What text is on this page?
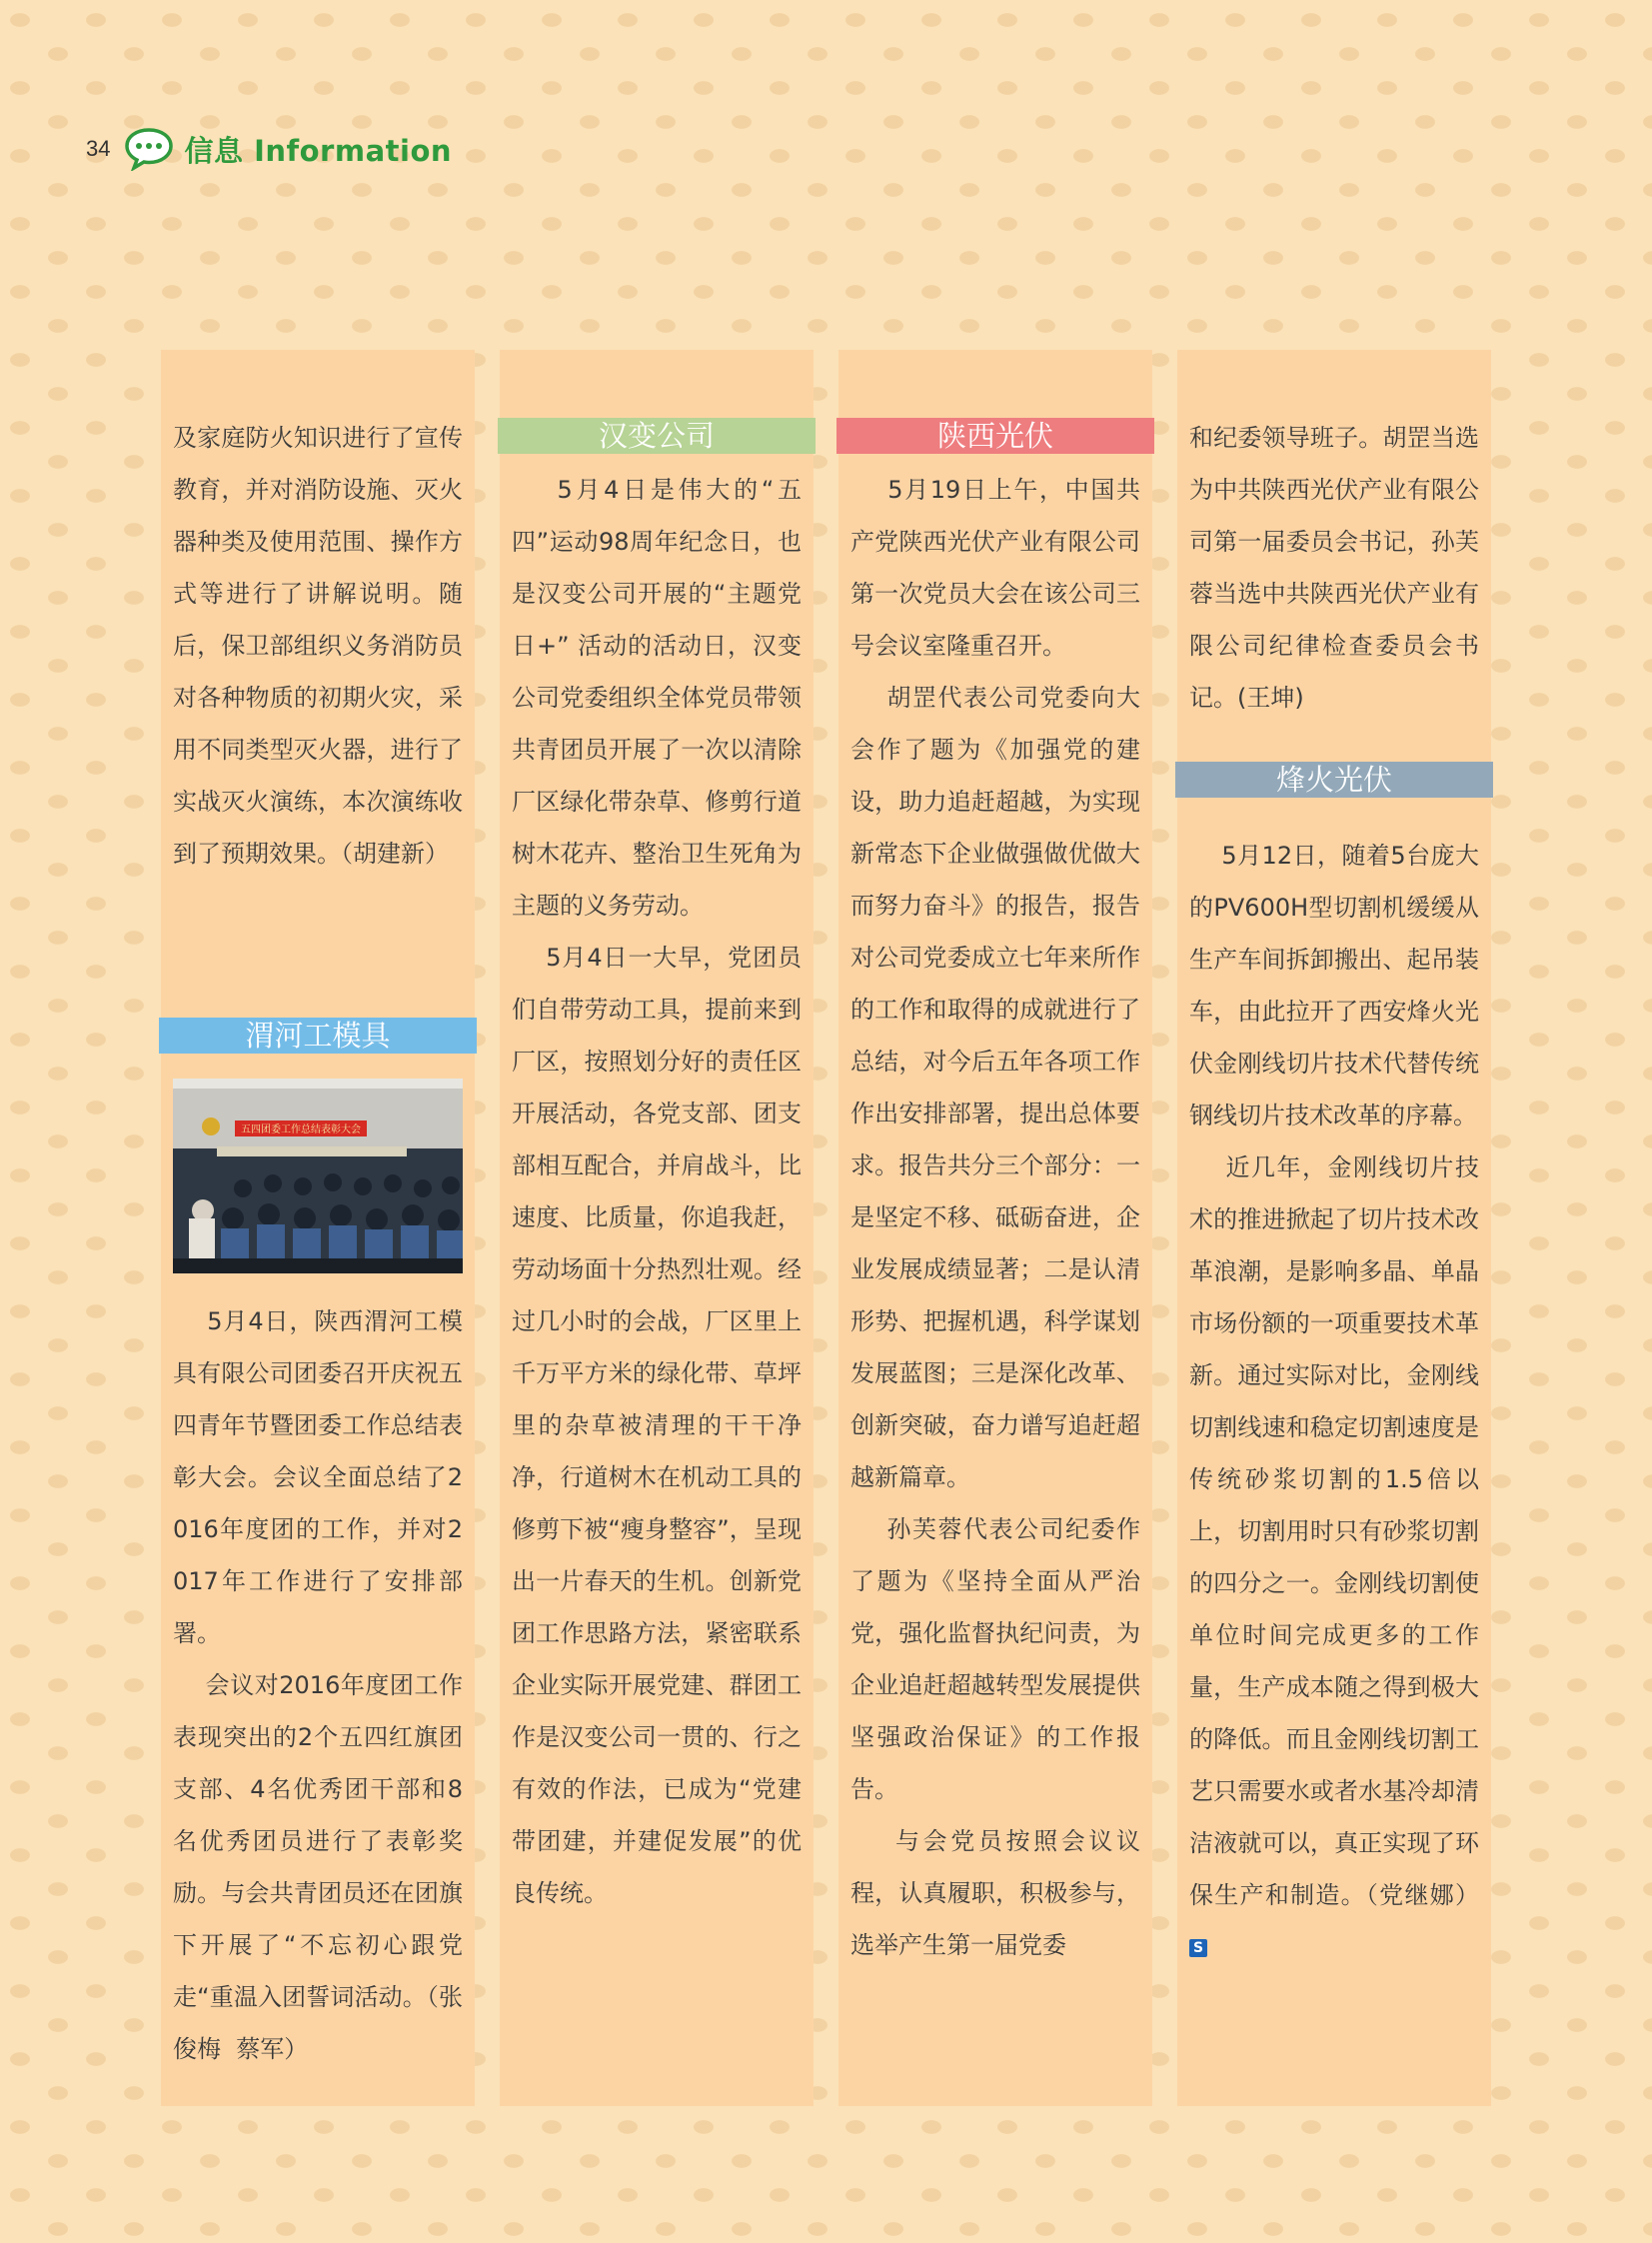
34	信息 Information
及家庭防火知识进行了宣传教育，并对消防设施、灭火器种类及使用范围、操作方式等进行了讲解说明。随后，保卫部组织义务消防员对各种物质的初期火灾，采用不同类型灭火器，进行了实战灭火演练，本次演练收到了预期效果。（胡建新）
渭河工模具
五四团委工作总结表彰大会
5月4日，陕西渭河工模具有限公司团委召开庆祝五四青年节暨团委工作总结表彰大会。会议全面总结了2016年度团的工作，并对2017年工作进行了安排部署。
会议对2016年度团工作表现突出的2个五四红旗团支部、4名优秀团干部和8名优秀团员进行了表彰奖励。与会共青团员还在团旗下开展了“不忘初心跟党走“重温入团誓词活动。（张俊梅  蔡军）
汉变公司
5月4日是伟大的“五四”运动98周年纪念日，也是汉变公司开展的“主题党日+” 活动的活动日，汉变公司党委组织全体党员带领共青团员开展了一次以清除厂区绿化带杂草、修剪行道树木花卉、整治卫生死角为主题的义务劳动。
5月4日一大早，党团员们自带劳动工具，提前来到厂区，按照划分好的责任区开展活动，各党支部、团支部相互配合，并肩战斗，比速度、比质量，你追我赶，劳动场面十分热烈壮观。经过几小时的会战，厂区里上千万平方米的绿化带、草坪里的杂草被清理的干干净净，行道树木在机动工具的修剪下被“瘦身整容”，呈现出一片春天的生机。创新党团工作思路方法，紧密联系企业实际开展党建、群团工作是汉变公司一贯的、行之有效的作法，已成为“党建带团建，并建促发展”的优良传统。
陕西光伏
5月19日上午，中国共产党陕西光伏产业有限公司第一次党员大会在该公司三号会议室隆重召开。
胡罡代表公司党委向大会作了题为《加强党的建设，助力追赶超越，为实现新常态下企业做强做优做大而努力奋斗》的报告，报告对公司党委成立七年来所作的工作和取得的成就进行了总结，对今后五年各项工作作出安排部署，提出总体要求。报告共分三个部分：一是坚定不移、砥砺奋进，企业发展成绩显著；二是认清形势、把握机遇，科学谋划发展蓝图；三是深化改革、创新突破，奋力谱写追赶超越新篇章。
孙芙蓉代表公司纪委作了题为《坚持全面从严治党，强化监督执纪问责，为企业追赶超越转型发展提供坚强政治保证》的工作报告。
与会党员按照会议议程，认真履职，积极参与，选举产生第一届党委
和纪委领导班子。胡罡当选为中共陕西光伏产业有限公司第一届委员会书记，孙芙蓉当选中共陕西光伏产业有限公司纪律检查委员会书记。(王坤)
烽火光伏
5月12日，随着5台庞大的PV600H型切割机缓缓从生产车间拆卸搬出、起吊装车，由此拉开了西安烽火光伏金刚线切片技术代替传统钢线切片技术改革的序幕。
近几年，金刚线切片技术的推进掀起了切片技术改革浪潮，是影响多晶、单晶市场份额的一项重要技术革新。通过实际对比，金刚线切割线速和稳定切割速度是传统砂浆切割的1.5倍以上，切割用时只有砂浆切割的四分之一。金刚线切割使单位时间完成更多的工作量，生产成本随之得到极大的降低。而且金刚线切割工艺只需要水或者水基冷却清洁液就可以，真正实现了环保生产和制造。（党继娜）S
